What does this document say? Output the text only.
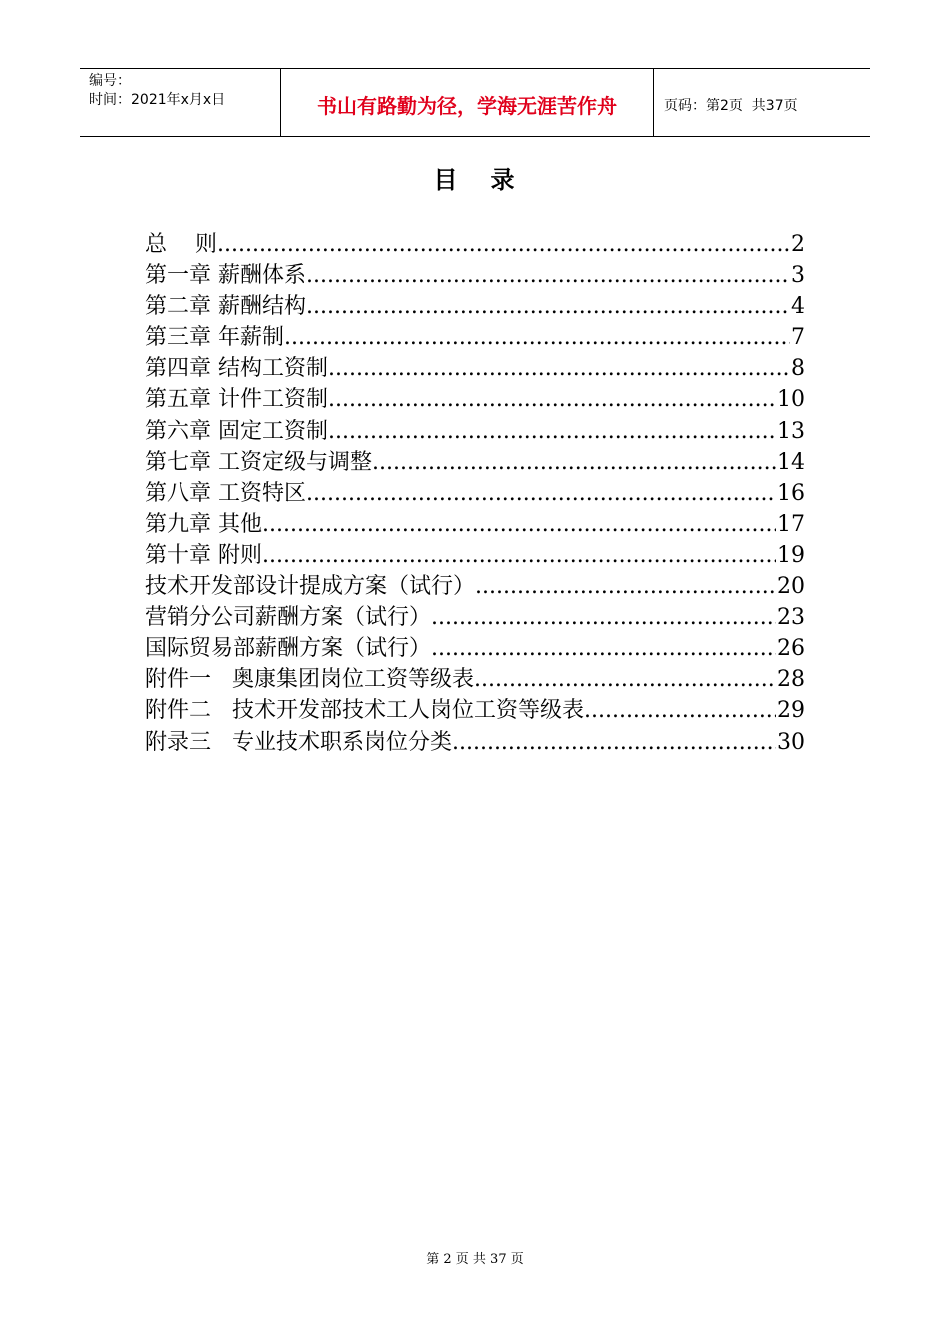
编号：
时间：2021年x月x日	书山有路勤为径，学海无涯苦作舟	页码：第2页  共37页
目   录
总    则 .....	2
第一章 薪酬体系 .....	3
第二章 薪酬结构 .....	4
第三章 年薪制 .....	7
第四章 结构工资制 .....	8
第五章 计件工资制 .....	10
第六章 固定工资制 .....	13
第七章 工资定级与调整 .....	14
第八章 工资特区 .....	16
第九章 其他 .....	17
第十章 附则 .....	19
技术开发部设计提成方案（试行） .....	20
营销分公司薪酬方案（试行） .....	23
国际贸易部薪酬方案（试行） .....	26
附件一   奥康集团岗位工资等级表 .....	28
附件二   技术开发部技术工人岗位工资等级表 .....	29
附录三   专业技术职系岗位分类 .....	30
第 2 页 共 37 页
